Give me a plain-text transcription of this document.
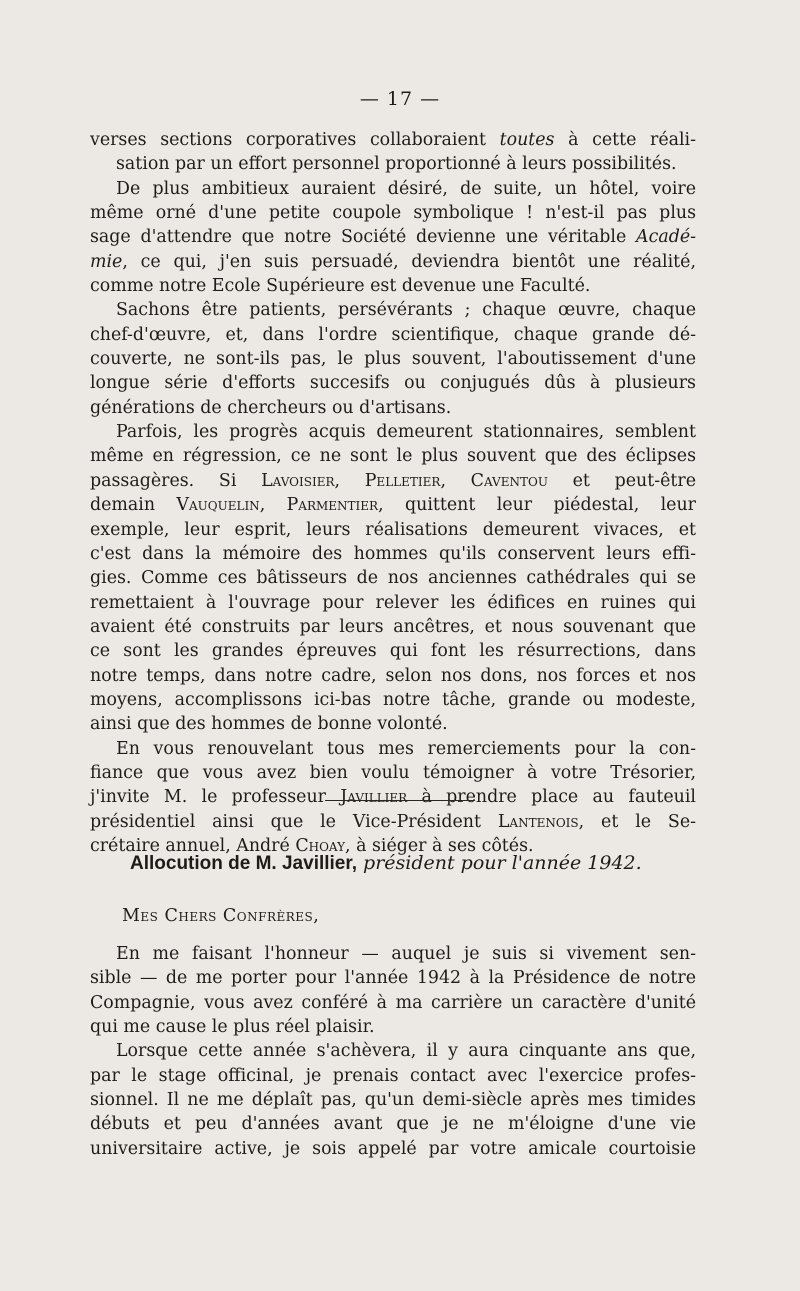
— 17 —
verses sections corporatives collaboraient toutes à cette réali-
sation par un effort personnel proportionné à leurs possibilités.
De plus ambitieux auraient désiré, de suite, un hôtel, voire
même orné d'une petite coupole symbolique ! n'est-il pas plus
sage d'attendre que notre Société devienne une véritable Acadé-
mie, ce qui, j'en suis persuadé, deviendra bientôt une réalité,
comme notre Ecole Supérieure est devenue une Faculté.
Sachons être patients, persévérants ; chaque œuvre, chaque
chef-d'œuvre, et, dans l'ordre scientifique, chaque grande dé-
couverte, ne sont-ils pas, le plus souvent, l'aboutissement d'une
longue série d'efforts succesifs ou conjugués dûs à plusieurs
générations de chercheurs ou d'artisans.
Parfois, les progrès acquis demeurent stationnaires, semblent
même en régression, ce ne sont le plus souvent que des éclipses
passagères. Si Lavoisier, Pelletier, Caventou et peut-être
demain Vauquelin, Parmentier, quittent leur piédestal, leur
exemple, leur esprit, leurs réalisations demeurent vivaces, et
c'est dans la mémoire des hommes qu'ils conservent leurs effi-
gies. Comme ces bâtisseurs de nos anciennes cathédrales qui se
remettaient à l'ouvrage pour relever les édifices en ruines qui
avaient été construits par leurs ancêtres, et nous souvenant que
ce sont les grandes épreuves qui font les résurrections, dans
notre temps, dans notre cadre, selon nos dons, nos forces et nos
moyens, accomplissons ici-bas notre tâche, grande ou modeste,
ainsi que des hommes de bonne volonté.
En vous renouvelant tous mes remerciements pour la con-
fiance que vous avez bien voulu témoigner à votre Trésorier,
j'invite M. le professeur Javillier à prendre place au fauteuil
présidentiel ainsi que le Vice-Président Lantenois, et le Se-
crétaire annuel, André Choay, à siéger à ses côtés.
Allocution de M. Javillier, président pour l'année 1942.
Mes Chers Confrères,
En me faisant l'honneur — auquel je suis si vivement sen-
sible — de me porter pour l'année 1942 à la Présidence de notre
Compagnie, vous avez conféré à ma carrière un caractère d'unité
qui me cause le plus réel plaisir.
Lorsque cette année s'achèvera, il y aura cinquante ans que,
par le stage officinal, je prenais contact avec l'exercice profes-
sionnel. Il ne me déplaît pas, qu'un demi-siècle après mes timides
débuts et peu d'années avant que je ne m'éloigne d'une vie
universitaire active, je sois appelé par votre amicale courtoisie
